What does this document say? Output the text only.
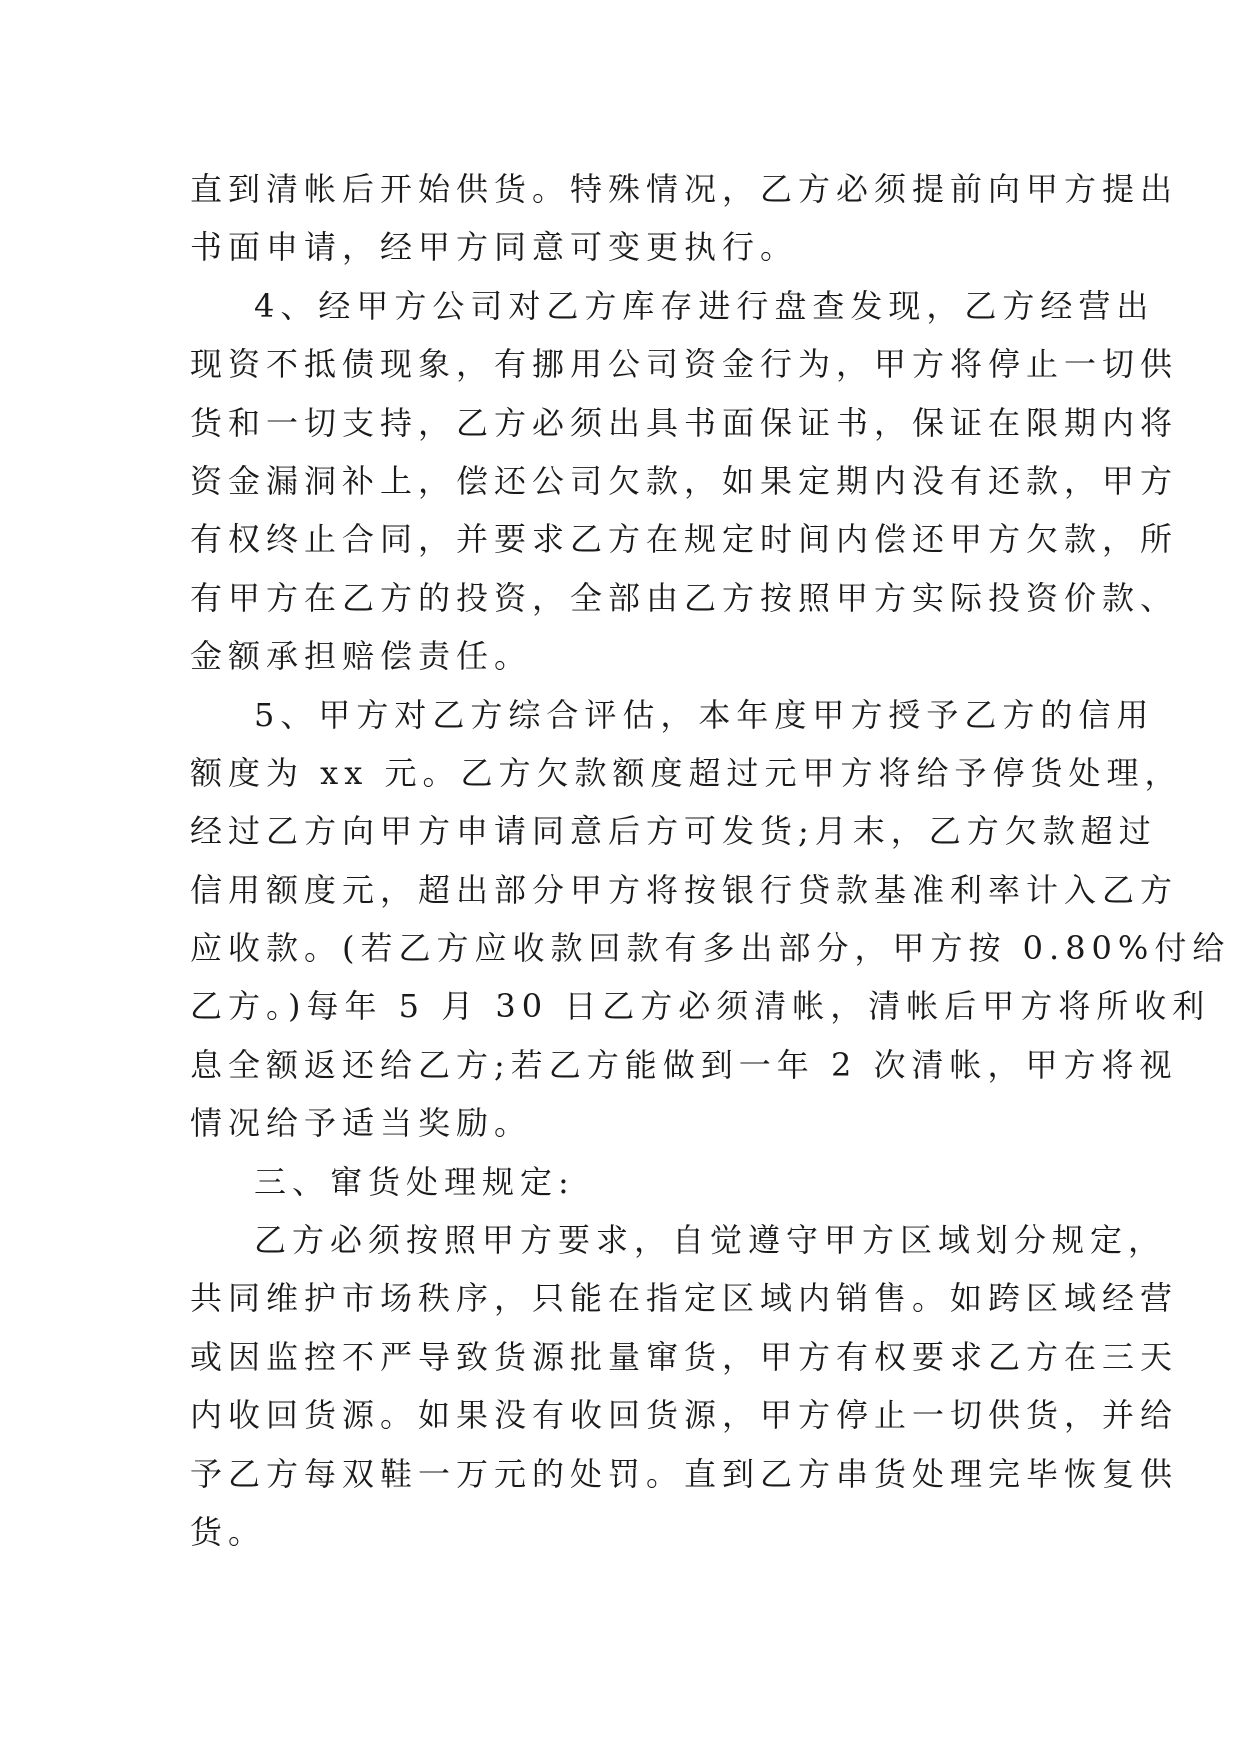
直到清帐后开始供货。特殊情况，乙方必须提前向甲方提出
书面申请，经甲方同意可变更执行。
4、经甲方公司对乙方库存进行盘查发现，乙方经营出
现资不抵债现象，有挪用公司资金行为，甲方将停止一切供
货和一切支持，乙方必须出具书面保证书，保证在限期内将
资金漏洞补上，偿还公司欠款，如果定期内没有还款，甲方
有权终止合同，并要求乙方在规定时间内偿还甲方欠款，所
有甲方在乙方的投资，全部由乙方按照甲方实际投资价款、
金额承担赔偿责任。
5、甲方对乙方综合评估，本年度甲方授予乙方的信用
额度为 xx 元。乙方欠款额度超过元甲方将给予停货处理，
经过乙方向甲方申请同意后方可发货;月末，乙方欠款超过
信用额度元，超出部分甲方将按银行贷款基准利率计入乙方
应收款。(若乙方应收款回款有多出部分，甲方按 0.80%付给
乙方。)每年 5 月 30 日乙方必须清帐，清帐后甲方将所收利
息全额返还给乙方;若乙方能做到一年 2 次清帐，甲方将视
情况给予适当奖励。
三、窜货处理规定:
乙方必须按照甲方要求，自觉遵守甲方区域划分规定，
共同维护市场秩序，只能在指定区域内销售。如跨区域经营
或因监控不严导致货源批量窜货，甲方有权要求乙方在三天
内收回货源。如果没有收回货源，甲方停止一切供货，并给
予乙方每双鞋一万元的处罚。直到乙方串货处理完毕恢复供
货。
